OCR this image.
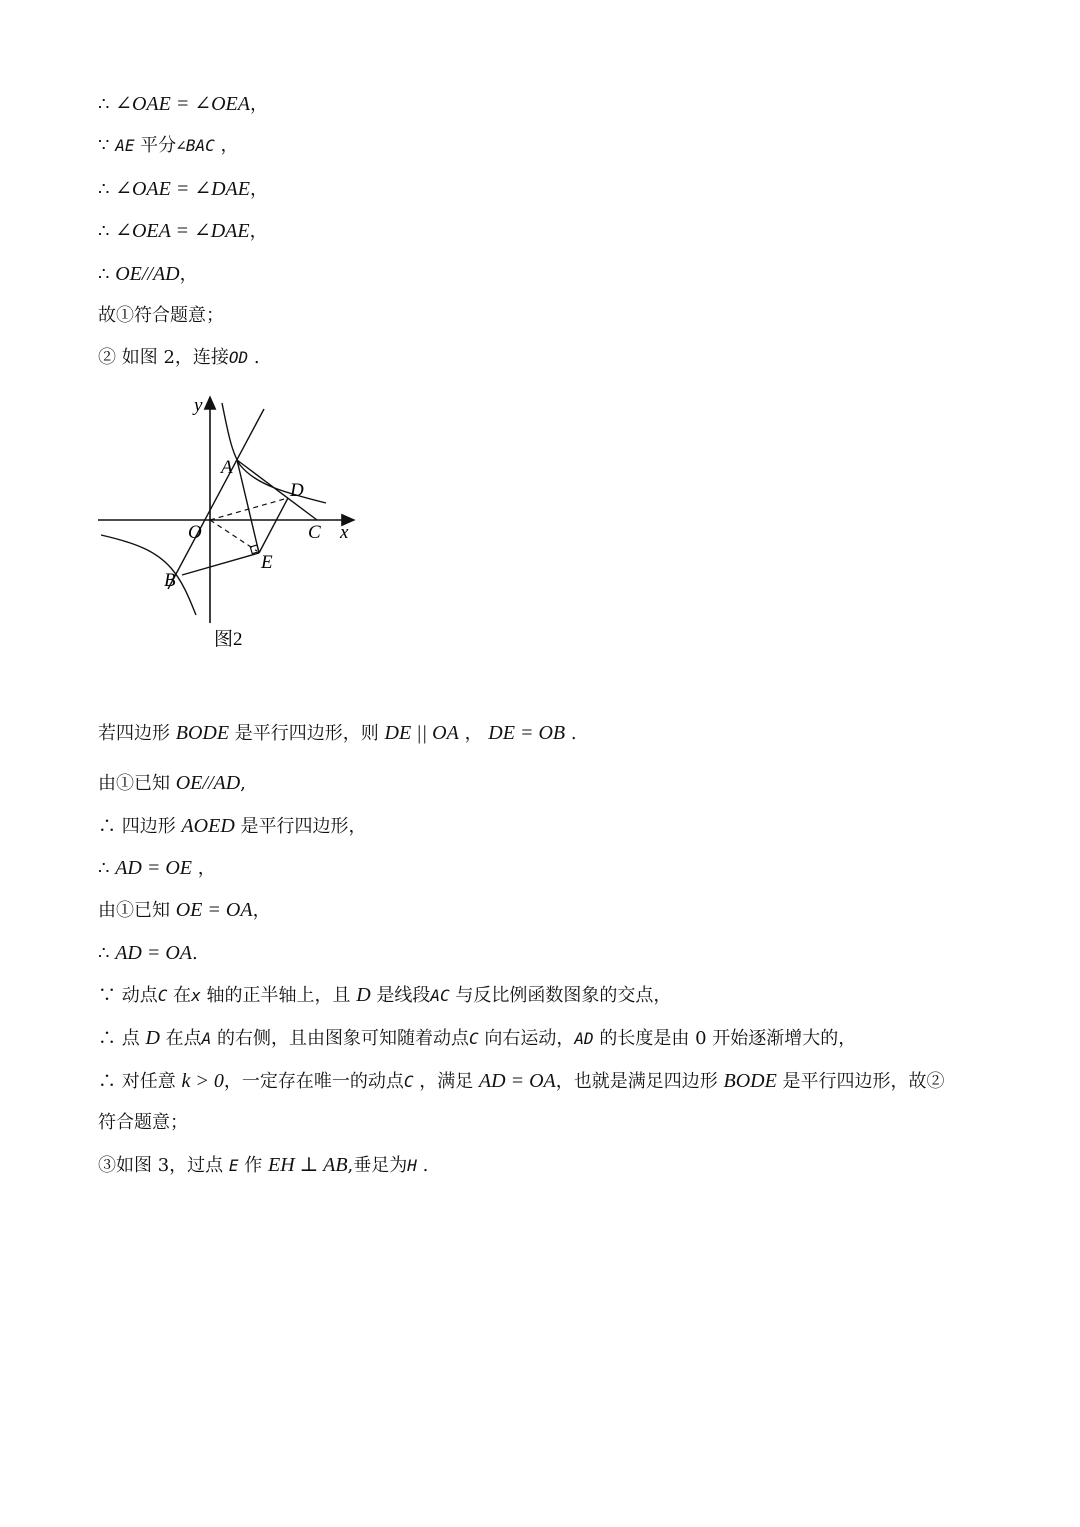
∴ ∠OAE = ∠OEA，

∵ AE 平分∠BAC ，

∴ ∠OAE = ∠DAE，

∴ ∠OEA = ∠DAE，

∴ OE//AD，

故①符合题意；

② 如图 2，连接OD .

y
x
A
D
O	C
E
B
图2

若四边形 BODE 是平行四边形，则 DE || OA ， DE = OB .

由①已知 OE//AD,

∴ 四边形 AOED 是平行四边形，

∴ AD = OE ，

由①已知 OE = OA，

∴ AD = OA.

∵ 动点C 在x 轴的正半轴上，且 D 是线段AC 与反比例函数图象的交点，

∴ 点 D 在点A 的右侧，且由图象可知随着动点C 向右运动，AD 的长度是由 0 开始逐渐增大的，

∴ 对任意 k > 0，一定存在唯一的动点C ，满足 AD = OA，也就是满足四边形 BODE 是平行四边形，故②

符合题意；

③如图 3，过点 E 作 EH ⊥ AB,垂足为H .
